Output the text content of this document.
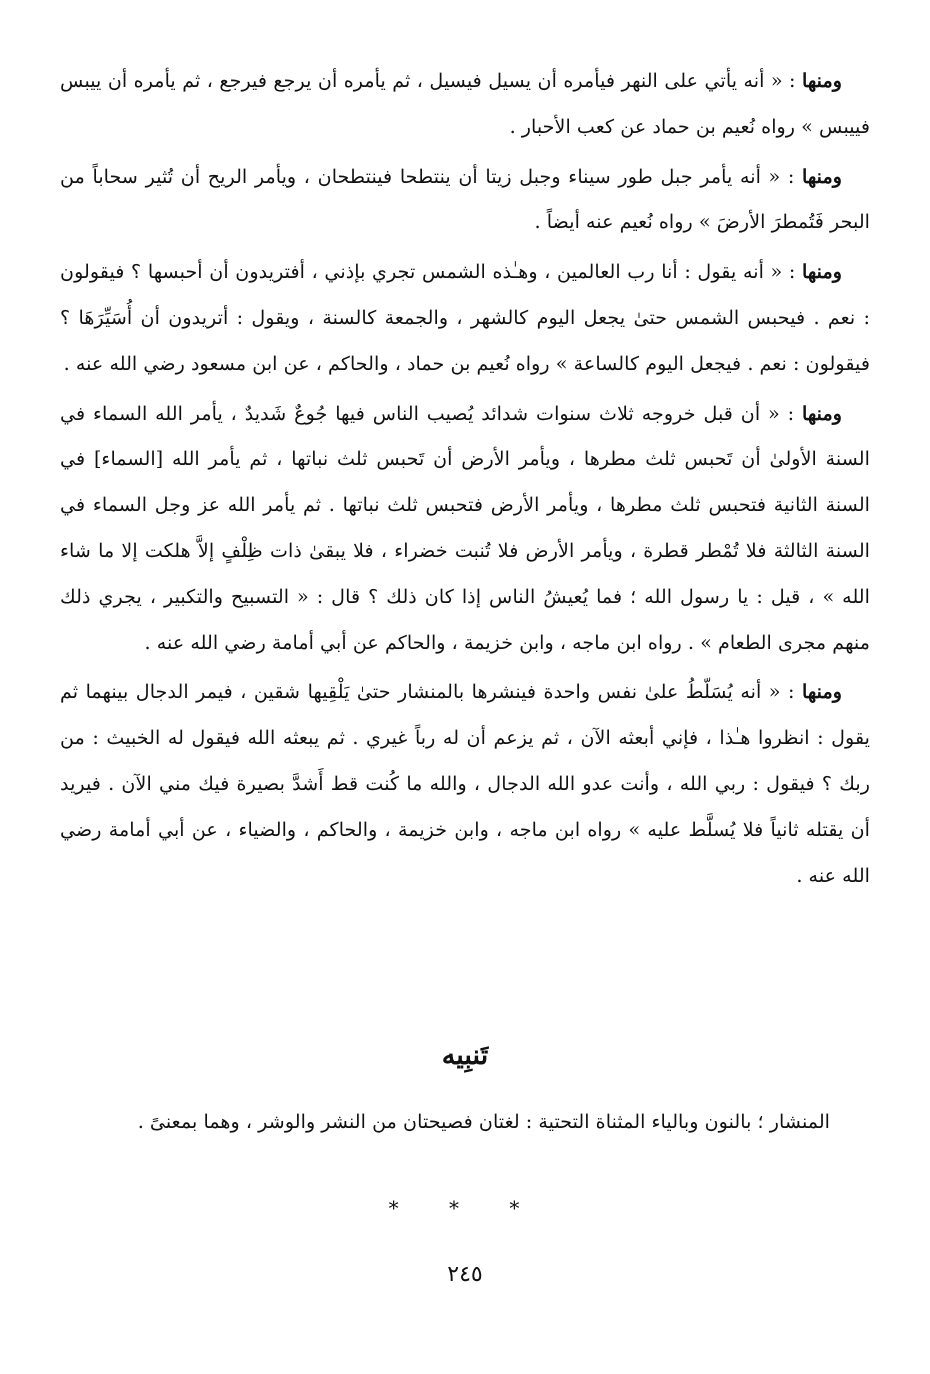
ومنها : « أنه يأتي على النهر فيأمره أن يسيل فيسيل ، ثم يأمره أن يرجع فيرجع ، ثم يأمره أن ييبس فييبس » رواه نُعيم بن حماد عن كعب الأحبار .

ومنها : « أنه يأمر جبل طور سيناء وجبل زيتا أن ينتطحا فينتطحان ، ويأمر الريح أن تُثير سحاباً من البحر فَتُمطرَ الأرضَ » رواه نُعيم عنه أيضاً .

ومنها : « أنه يقول : أنا رب العالمين ، وهـٰذه الشمس تجري بإذني ، أفتريدون أن أحبسها ؟ فيقولون : نعم . فيحبس الشمس حتىٰ يجعل اليوم كالشهر ، والجمعة كالسنة ، ويقول : أتريدون أن أُسَيِّرَهَا ؟ فيقولون : نعم . فيجعل اليوم كالساعة » رواه نُعيم بن حماد ، والحاكم ، عن ابن مسعود رضي الله عنه .

ومنها : « أن قبل خروجه ثلاث سنوات شدائد يُصيب الناس فيها جُوعٌ شَديدٌ ، يأمر الله السماء في السنة الأولىٰ أن تَحبس ثلث مطرها ، ويأمر الأرض أن تَحبس ثلث نباتها ، ثم يأمر الله [السماء] في السنة الثانية فتحبس ثلث مطرها ، ويأمر الأرض فتحبس ثلث نباتها . ثم يأمر الله عز وجل السماء في السنة الثالثة فلا تُمْطر قطرة ، ويأمر الأرض فلا تُنبت خضراء ، فلا يبقىٰ ذات ظِلْفٍ إلاَّ هلكت إلا ما شاء الله » ، قيل : يا رسول الله ؛ فما يُعيشُ الناس إذا كان ذلك ؟ قال : « التسبيح والتكبير ، يجري ذلك منهم مجرى الطعام » . رواه ابن ماجه ، وابن خزيمة ، والحاكم عن أبي أمامة رضي الله عنه .

ومنها : « أنه يُسَلّطُ علىٰ نفس واحدة فينشرها بالمنشار حتىٰ يَلْقِيها شقين ، فيمر الدجال بينهما ثم يقول : انظروا هـٰذا ، فإني أبعثه الآن ، ثم يزعم أن له رباً غيري . ثم يبعثه الله فيقول له الخبيث : من ربك ؟ فيقول : ربي الله ، وأنت عدو الله الدجال ، والله ما كُنت قط أَشدَّ بصيرة فيك مني الآن . فيريد أن يقتله ثانياً فلا يُسلَّط عليه » رواه ابن ماجه ، وابن خزيمة ، والحاكم ، والضياء ، عن أبي أمامة رضي الله عنه .

تَنبِيه
المنشار ؛ بالنون وبالياء المثناة التحتية : لغتان فصيحتان من النشر والوشر ، وهما بمعنىً .
* * *
٢٤٥
